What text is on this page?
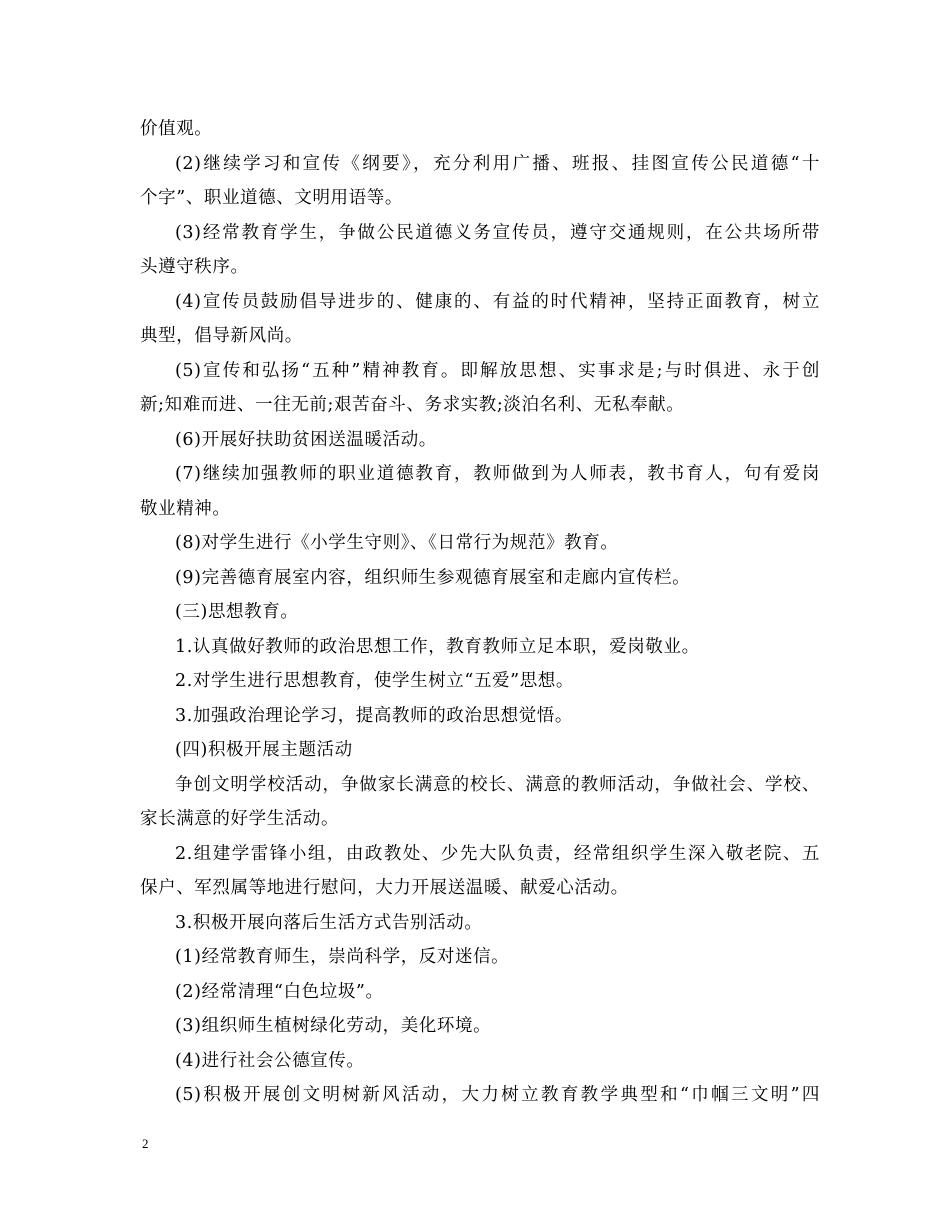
价值观。
(2)继续学习和宣传《纲要》，充分利用广播、班报、挂图宣传公民道德“十
个字”、职业道德、文明用语等。
(3)经常教育学生，争做公民道德义务宣传员，遵守交通规则，在公共场所带
头遵守秩序。
(4)宣传员鼓励倡导进步的、健康的、有益的时代精神，坚持正面教育，树立
典型，倡导新风尚。
(5)宣传和弘扬“五种”精神教育。即解放思想、实事求是;与时俱进、永于创
新;知难而进、一往无前;艰苦奋斗、务求实教;淡泊名利、无私奉献。
(6)开展好扶助贫困送温暖活动。
(7)继续加强教师的职业道德教育，教师做到为人师表，教书育人，句有爱岗
敬业精神。
(8)对学生进行《小学生守则》、《日常行为规范》教育。
(9)完善德育展室内容，组织师生参观德育展室和走廊内宣传栏。
(三)思想教育。
1.认真做好教师的政治思想工作，教育教师立足本职，爱岗敬业。
2.对学生进行思想教育，使学生树立“五爱”思想。
3.加强政治理论学习，提高教师的政治思想觉悟。
(四)积极开展主题活动
争创文明学校活动，争做家长满意的校长、满意的教师活动，争做社会、学校、
家长满意的好学生活动。
2.组建学雷锋小组，由政教处、少先大队负责，经常组织学生深入敬老院、五
保户、军烈属等地进行慰问，大力开展送温暖、献爱心活动。
3.积极开展向落后生活方式告别活动。
(1)经常教育师生，崇尚科学，反对迷信。
(2)经常清理“白色垃圾”。
(3)组织师生植树绿化劳动，美化环境。
(4)进行社会公德宣传。
(5)积极开展创文明树新风活动，大力树立教育教学典型和“巾帼三文明”四
2
